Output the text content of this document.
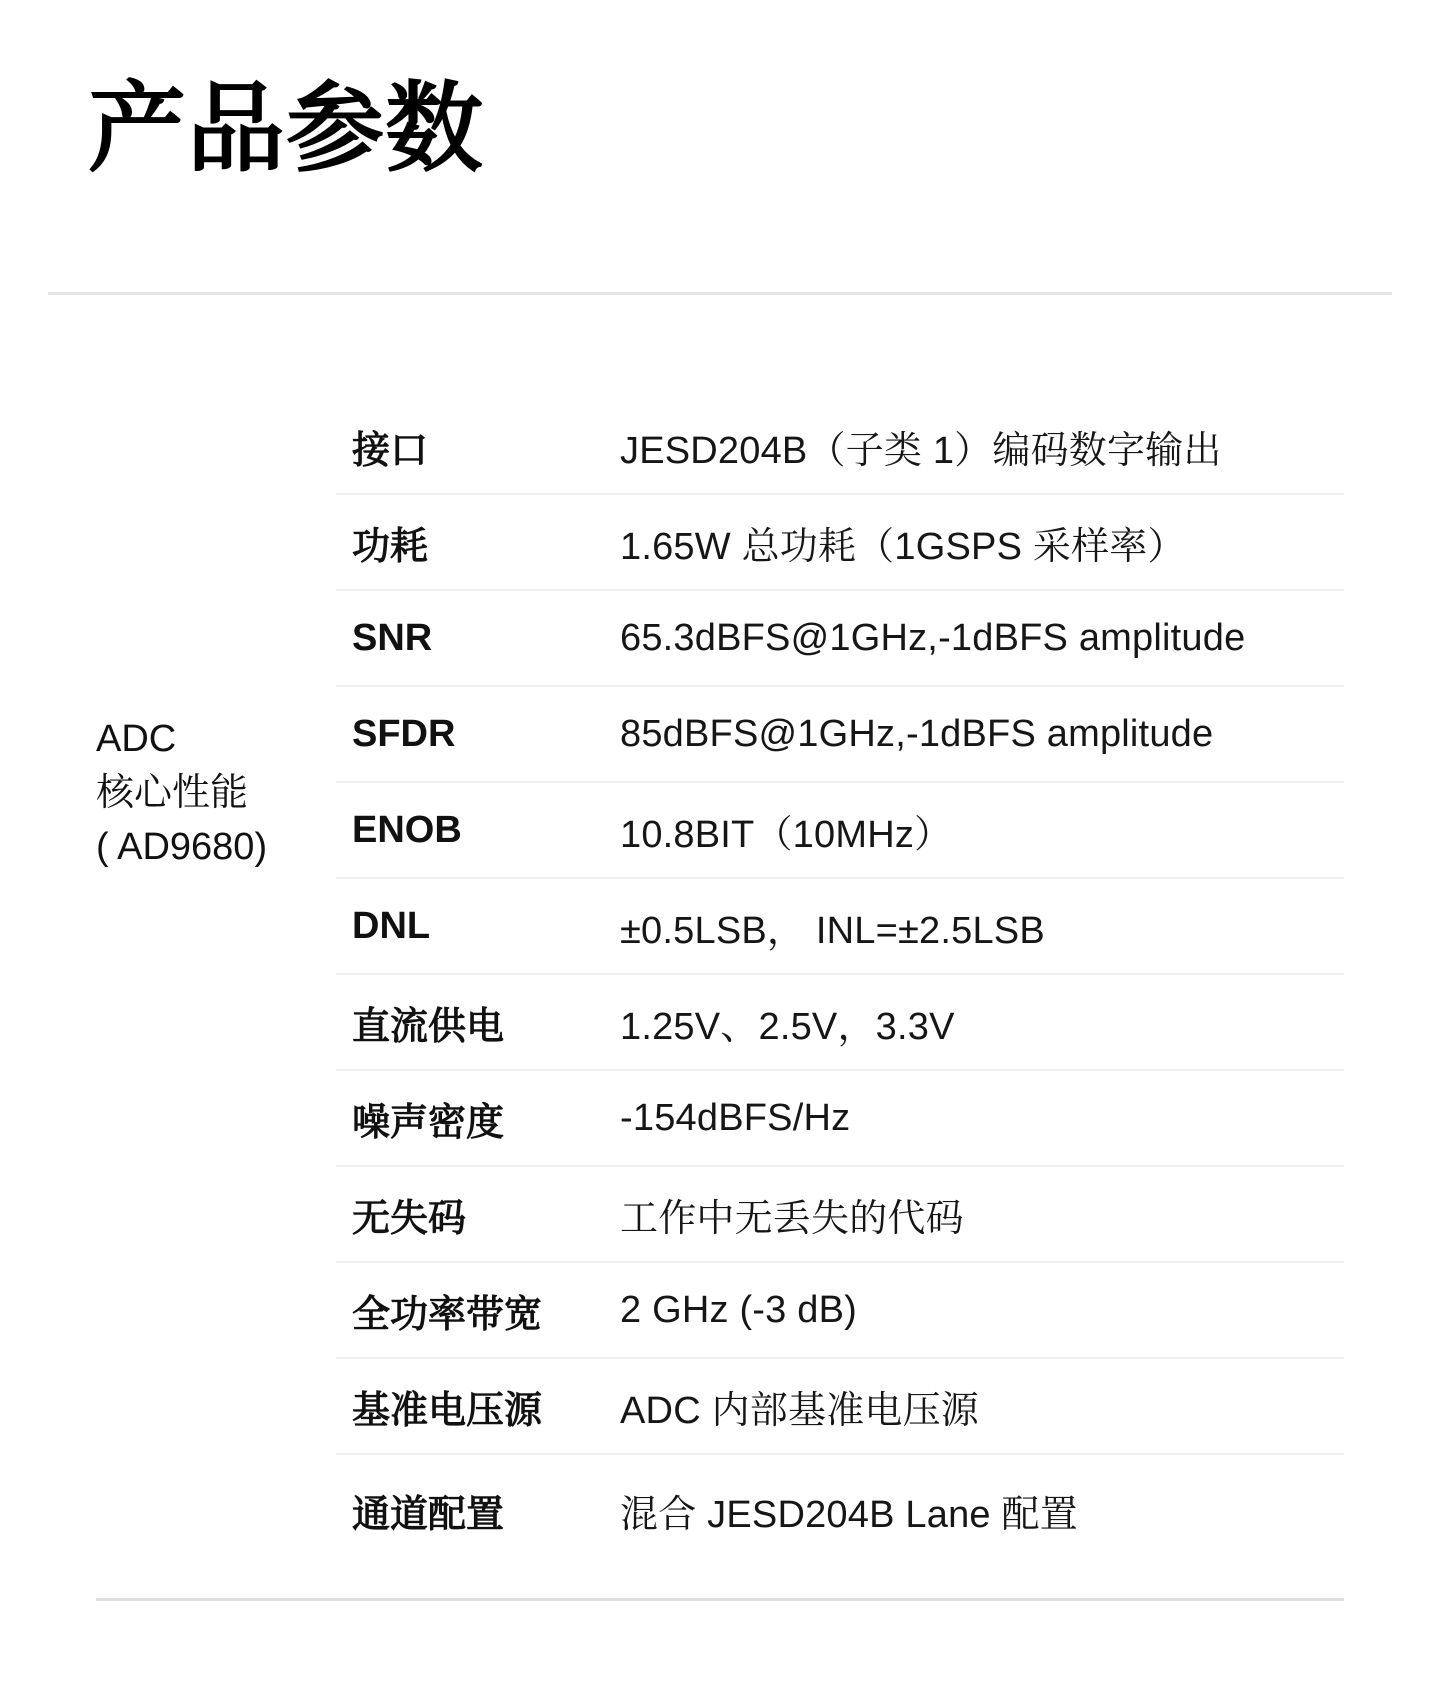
产品参数
ADC
核心性能
( AD9680)
接口	JESD204B（子类 1）编码数字输出
功耗	1.65W 总功耗（1GSPS 采样率）
SNR	65.3dBFS@1GHz,-1dBFS amplitude
SFDR	85dBFS@1GHz,-1dBFS amplitude
ENOB	10.8BIT（10MHz）
DNL	±0.5LSB， INL=±2.5LSB
直流供电	1.25V、2.5V，3.3V
噪声密度	-154dBFS/Hz
无失码	工作中无丢失的代码
全功率带宽	2 GHz (-3 dB)
基准电压源	ADC 内部基准电压源
通道配置	混合 JESD204B Lane 配置
